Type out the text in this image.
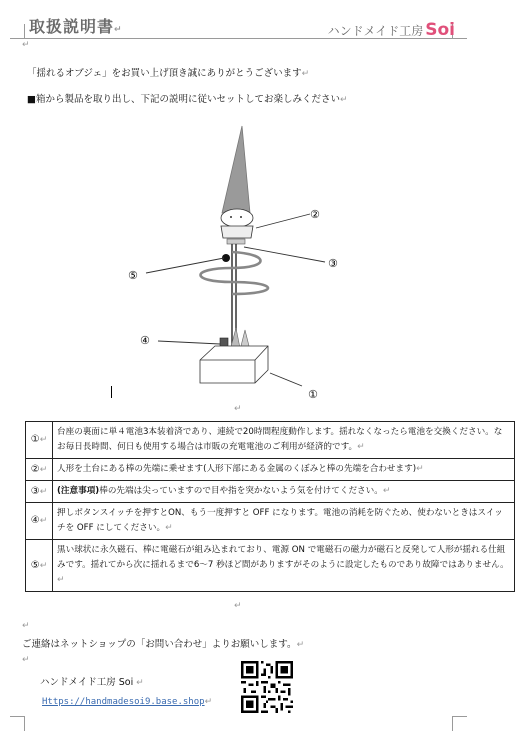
取扱説明書↵	ハンドメイド工房 Soi
↵
「揺れるオブジェ」をお買い上げ頂き誠にありがとうございます↵
■箱から製品を取り出し、下記の説明に従いセットしてお楽しみください↵
②
③
⑤
④
①
↵
①↵	台座の裏面に単４電池3本装着済であり、連続で20時間程度動作します。揺れなくなったら電池を交換ください。なお毎日長時間、何日も使用する場合は市販の充電電池のご利用が経済的です。↵
②↵	人形を土台にある棒の先端に乗せます(人形下部にある金属のくぼみと棒の先端を合わせます)↵
③↵	(注意事項)棒の先端は尖っていますので目や指を突かないよう気を付けてください。↵
④↵	押しボタンスイッチを押すとON、もう一度押すと OFF になります。電池の消耗を防ぐため、使わないときはスイッチを OFF にしてください。↵
⑤↵	黒い球状に永久磁石、棒に電磁石が組み込まれており、電源 ON で電磁石の磁力が磁石と反発して人形が揺れる仕組みです。揺れてから次に揺れるまで6～7 秒ほど間がありますがそのように設定したものであり故障ではありません。↵
↵
↵
ご連絡はネットショップの「お問い合わせ」よりお願いします。↵
↵
ハンドメイド工房 Soi ↵
Https://handmadesoi9.base.shop↵
